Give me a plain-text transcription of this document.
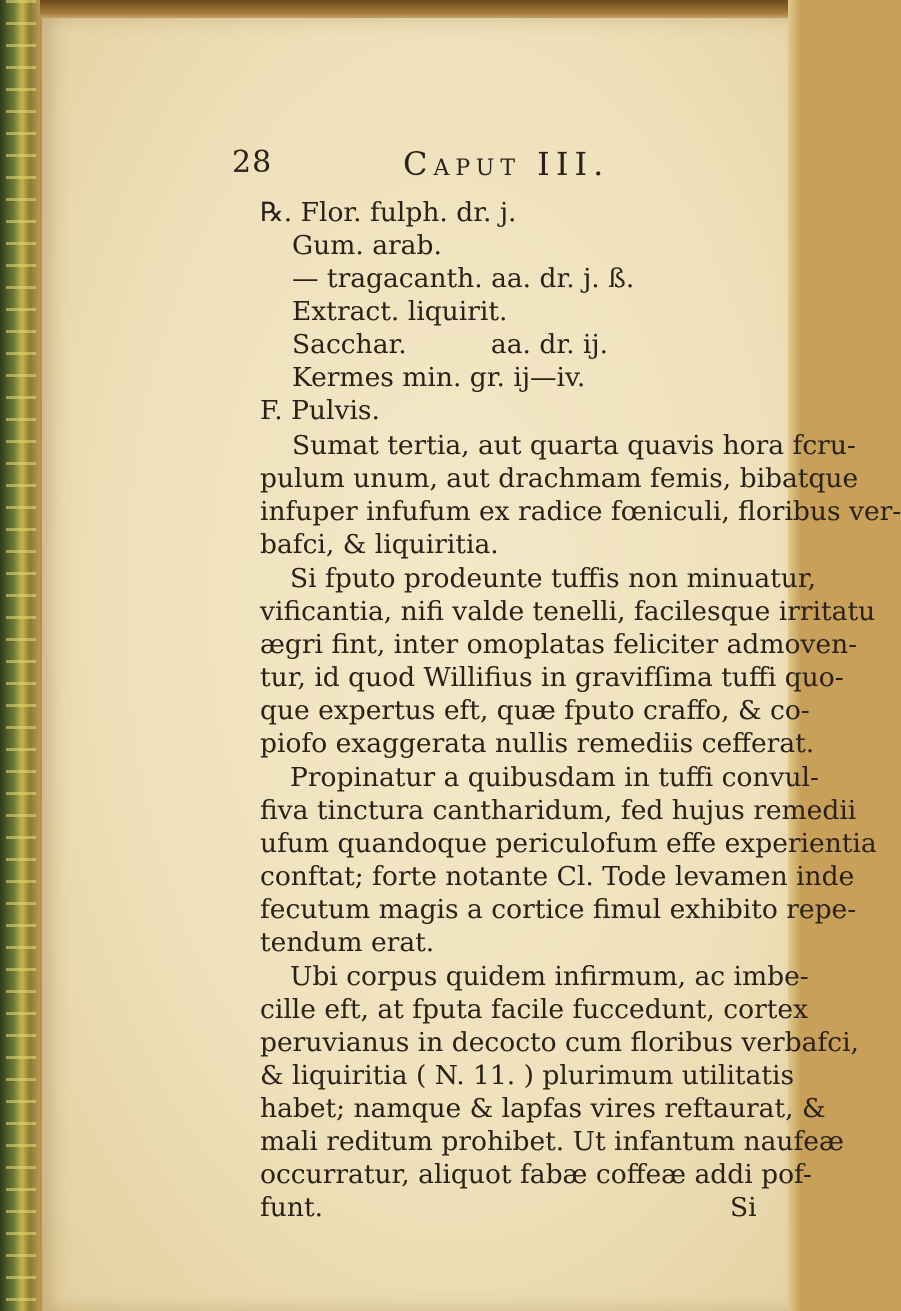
28	Caput III.
℞. Flor. fulph. dr. j.
Gum. arab.
— tragacanth. aa. dr. j. ß.
Extract. liquirit.
Sacchar.          aa. dr. ij.
Kermes min. gr. ij—iv.
F. Pulvis.
Sumat tertia, aut quarta quavis hora fcru-
pulum unum, aut drachmam femis, bibatque
infuper infufum ex radice fœniculi, floribus ver-
bafci, & liquiritia.
Si fputo prodeunte tuffis non minuatur,
vificantia, nifi valde tenelli, facilesque irritatu
ægri fint, inter omoplatas feliciter admoven-
tur, id quod Willifius in gravifſima tuffi quo-
que expertus eft, quæ fputo craffo, & co-
piofo exaggerata nullis remediis cefferat.
Propinatur a quibusdam in tuffi convul-
fiva tinctura cantharidum, fed hujus remedii
ufum quandoque periculofum effe experientia
conftat; forte notante Cl. Tode levamen inde
fecutum magis a cortice fimul exhibito repe-
tendum erat.
Ubi corpus quidem infirmum, ac imbe-
cille eft, at fputa facile fuccedunt, cortex
peruvianus in decocto cum floribus verbafci,
& liquiritia ( N. 11. ) plurimum utilitatis
habet; namque & lapfas vires reftaurat, &
mali reditum prohibet. Ut infantum naufeæ
occurratur, aliquot fabæ coffeæ addi pof-
funt.	Si
